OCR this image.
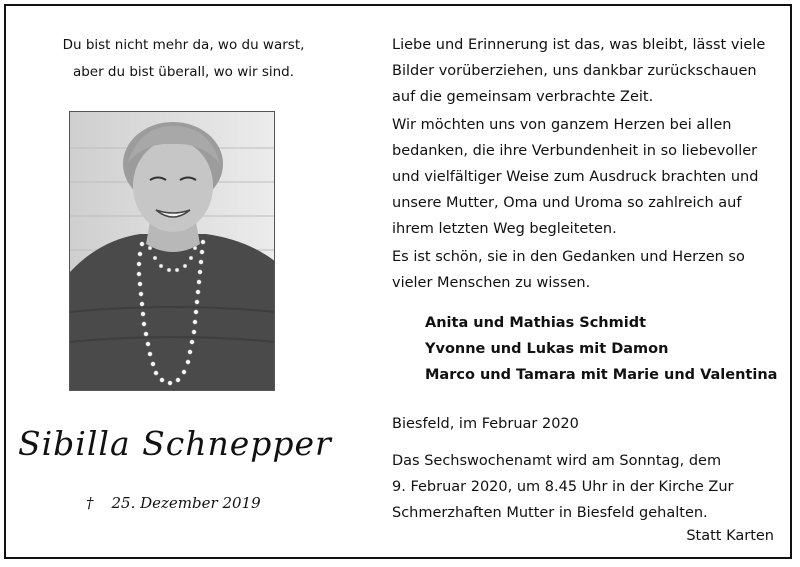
Du bist nicht mehr da, wo du warst,
aber du bist überall, wo wir sind.
Sibilla Schnepper
† 25. Dezember 2019
Liebe und Erinnerung ist das, was bleibt, lässt viele
Bilder vorüberziehen, uns dankbar zurückschauen
auf die gemeinsam verbrachte Zeit.
Wir möchten uns von ganzem Herzen bei allen
bedanken, die ihre Verbundenheit in so liebevoller
und vielfältiger Weise zum Ausdruck brachten und
unsere Mutter, Oma und Uroma so zahlreich auf
ihrem letzten Weg begleiteten.
Es ist schön, sie in den Gedanken und Herzen so
vieler Menschen zu wissen.
Anita und Mathias Schmidt
Yvonne und Lukas mit Damon
Marco und Tamara mit Marie und Valentina
Biesfeld, im Februar 2020
Das Sechswochenamt wird am Sonntag, dem
9. Februar 2020, um 8.45 Uhr in der Kirche Zur
Schmerzhaften Mutter in Biesfeld gehalten.
Statt Karten
